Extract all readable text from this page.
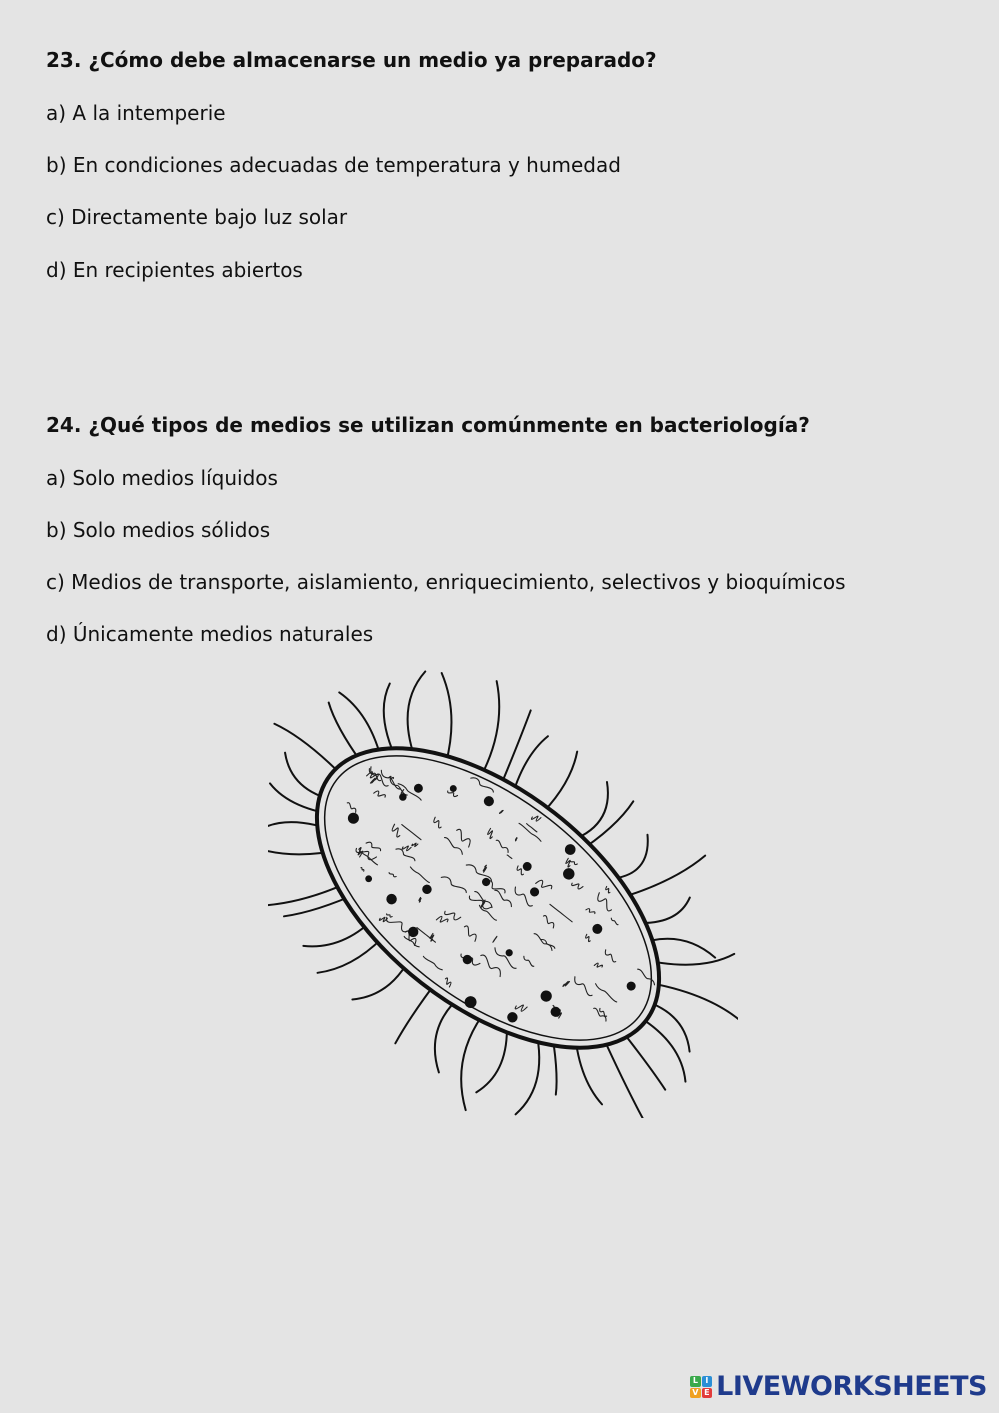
23. ¿Cómo debe almacenarse un medio ya preparado?

a) A la intemperie

b) En condiciones adecuadas de temperatura y humedad

c) Directamente bajo luz solar

d) En recipientes abiertos

24. ¿Qué tipos de medios se utilizan comúnmente en bacteriología?

a) Solo medios líquidos

b) Solo medios sólidos

c) Medios de transporte, aislamiento, enriquecimiento, selectivos y bioquímicos

d) Únicamente medios naturales

L I
V E LIVEWORKSHEETS
